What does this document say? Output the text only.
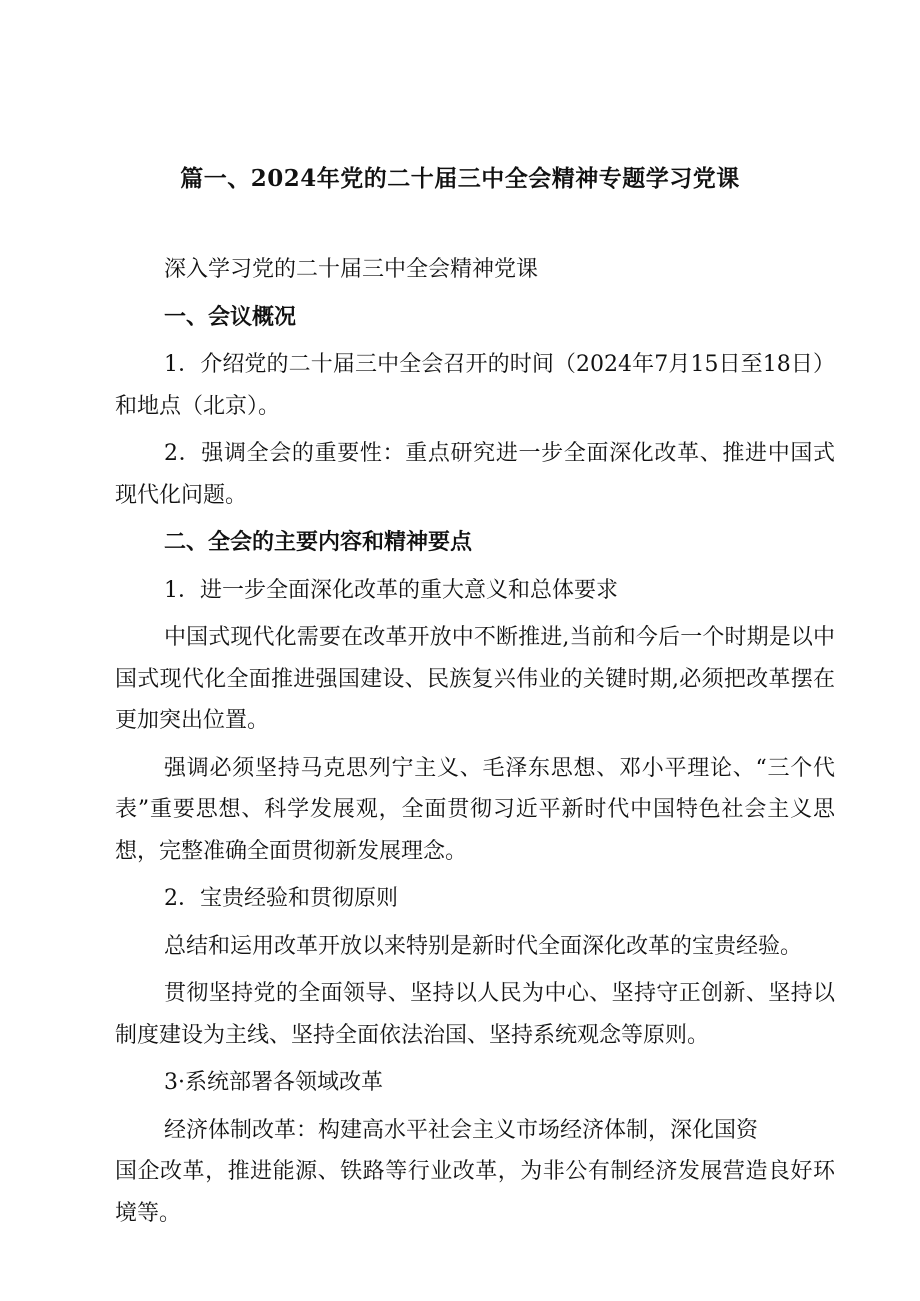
篇一、2024年党的二十届三中全会精神专题学习党课

深入学习党的二十届三中全会精神党课

一、会议概况

1．介绍党的二十届三中全会召开的时间（2024年7月15日至18日）和地点（北京）。

2．强调全会的重要性：重点研究进一步全面深化改革、推进中国式现代化问题。

二、全会的主要内容和精神要点

1．进一步全面深化改革的重大意义和总体要求

中国式现代化需要在改革开放中不断推进,当前和今后一个时期是以中国式现代化全面推进强国建设、民族复兴伟业的关键时期,必须把改革摆在更加突出位置。

强调必须坚持马克思列宁主义、毛泽东思想、邓小平理论、“三个代表”重要思想、科学发展观，全面贯彻习近平新时代中国特色社会主义思想，完整准确全面贯彻新发展理念。

2．宝贵经验和贯彻原则

总结和运用改革开放以来特别是新时代全面深化改革的宝贵经验。

贯彻坚持党的全面领导、坚持以人民为中心、坚持守正创新、坚持以制度建设为主线、坚持全面依法治国、坚持系统观念等原则。

3·系统部署各领域改革

经济体制改革：构建高水平社会主义市场经济体制，深化国资

国企改革，推进能源、铁路等行业改革，为非公有制经济发展营造良好环境等。
